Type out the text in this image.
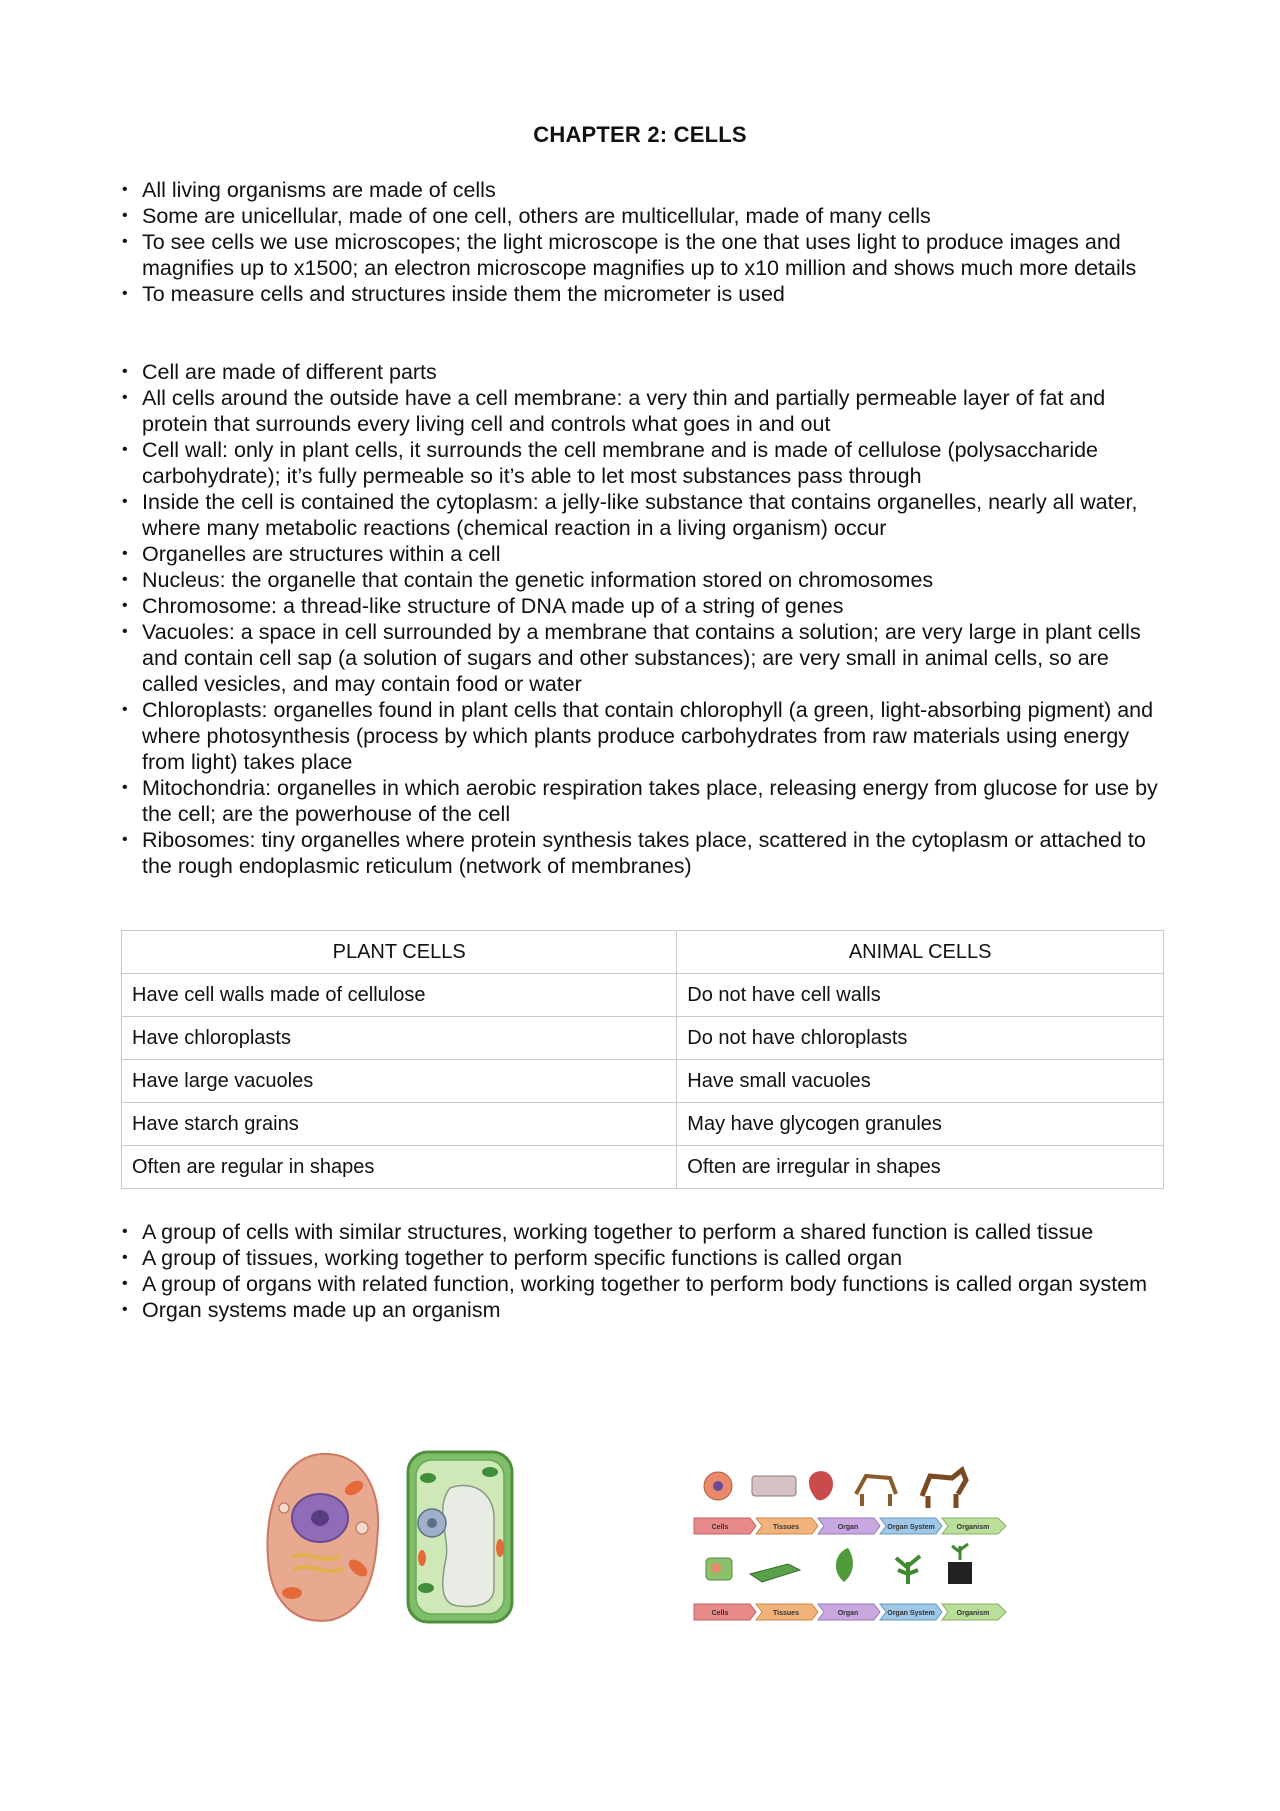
CHAPTER 2: CELLS
• All living organisms are made of cells
• Some are unicellular, made of one cell, others are multicellular, made of many cells
• To see cells we use microscopes; the light microscope is the one that uses light to produce images and magnifies up to x1500; an electron microscope magnifies up to x10 million and shows much more details
• To measure cells and structures inside them the micrometer is used
• Cell are made of different parts
• All cells around the outside have a cell membrane: a very thin and partially permeable layer of fat and protein that surrounds every living cell and controls what goes in and out
• Cell wall: only in plant cells, it surrounds the cell membrane and is made of cellulose (polysaccharide carbohydrate); it’s fully permeable so it’s able to let most substances pass through
• Inside the cell is contained the cytoplasm: a jelly-like substance that contains organelles, nearly all water, where many metabolic reactions (chemical reaction in a living organism) occur
• Organelles are structures within a cell
• Nucleus: the organelle that contain the genetic information stored on chromosomes
• Chromosome: a thread-like structure of DNA made up of a string of genes
• Vacuoles: a space in cell surrounded by a membrane that contains a solution; are very large in plant cells and contain cell sap (a solution of sugars and other substances); are very small in animal cells, so are called vesicles, and may contain food or water
• Chloroplasts: organelles found in plant cells that contain chlorophyll (a green, light-absorbing pigment) and where photosynthesis (process by which plants produce carbohydrates from raw materials using energy from light) takes place
• Mitochondria: organelles in which aerobic respiration takes place, releasing energy from glucose for use by the cell; are the powerhouse of the cell
• Ribosomes: tiny organelles where protein synthesis takes place, scattered in the cytoplasm or attached to the rough endoplasmic reticulum (network of membranes)
PLANT CELLS	ANIMAL CELLS
Have cell walls made of cellulose	Do not have cell walls
Have chloroplasts	Do not have chloroplasts
Have large vacuoles	Have small vacuoles
Have starch grains	May have glycogen granules
Often are regular in shapes	Often are irregular in shapes
• A group of cells with similar structures, working together to perform a shared function is called tissue
• A group of tissues, working together to perform specific functions is called organ
• A group of organs with related function, working together to perform body functions is called organ system
• Organ systems made up an organism
Cells	Tissues	Organ	Organ System	Organism
Cells	Tissues	Organ	Organ System	Organism
